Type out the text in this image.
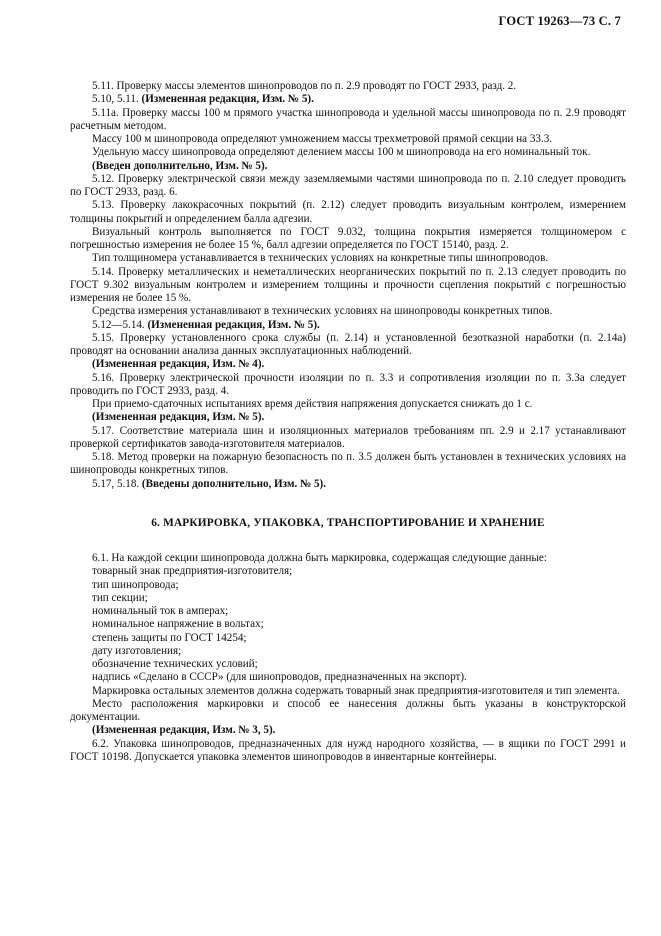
ГОСТ 19263—73 С. 7

5.11. Проверку массы элементов шинопроводов по п. 2.9 проводят по ГОСТ 2933, разд. 2.

5.10, 5.11. (Измененная редакция, Изм. № 5).

5.11а. Проверку массы 100 м прямого участка шинопровода и удельной массы шинопровода по п. 2.9 проводят расчетным методом.

Массу 100 м шинопровода определяют умножением массы трехметровой прямой секции на 33.3.

Удельную массу шинопровода определяют делением массы 100 м шинопровода на его номинальный ток.

(Введен дополнительно, Изм. № 5).

5.12. Проверку электрической связи между заземляемыми частями шинопровода по п. 2.10 следует проводить по ГОСТ 2933, разд. 6.

5.13. Проверку лакокрасочных покрытий (п. 2.12) следует проводить визуальным контролем, измерением толщины покрытий и определением балла адгезии.

Визуальный контроль выполняется по ГОСТ 9.032, толщина покрытия измеряется толщиномером с погрешностью измерения не более 15 %, балл адгезии определяется по ГОСТ 15140, разд. 2.

Тип толщиномера устанавливается в технических условиях на конкретные типы шинопроводов.

5.14. Проверку металлических и неметаллических неорганических покрытий по п. 2.13 следует проводить по ГОСТ 9.302 визуальным контролем и измерением толщины и прочности сцепления покрытий с погрешностью измерения не более 15 %.

Средства измерения устанавливают в технических условиях на шинопроводы конкретных типов.

5.12—5.14. (Измененная редакция, Изм. № 5).

5.15. Проверку установленного срока службы (п. 2.14) и установленной безотказной наработки (п. 2.14а) проводят на основании анализа данных эксплуатационных наблюдений.

(Измененная редакция, Изм. № 4).

5.16. Проверку электрической прочности изоляции по п. 3.3 и сопротивления изоляции по п. 3.3а следует проводить по ГОСТ 2933, разд. 4.

При приемо-сдаточных испытаниях время действия напряжения допускается снижать до 1 с.

(Измененная редакция, Изм. № 5).

5.17. Соответствие материала шин и изоляционных материалов требованиям пп. 2.9 и 2.17 устанавливают проверкой сертификатов завода-изготовителя материалов.

5.18. Метод проверки на пожарную безопасность по п. 3.5 должен быть установлен в технических условиях на шинопроводы конкретных типов.

5.17, 5.18. (Введены дополнительно, Изм. № 5).

6. МАРКИРОВКА, УПАКОВКА, ТРАНСПОРТИРОВАНИЕ И ХРАНЕНИЕ

6.1. На каждой секции шинопровода должна быть маркировка, содержащая следующие данные:

товарный знак предприятия-изготовителя;

тип шинопровода;

тип секции;

номинальный ток в амперах;

номинальное напряжение в вольтах;

степень защиты по ГОСТ 14254;

дату изготовления;

обозначение технических условий;

надпись «Сделано в СССР» (для шинопроводов, предназначенных на экспорт).

Маркировка остальных элементов должна содержать товарный знак предприятия-изготовителя и тип элемента.

Место расположения маркировки и способ ее нанесения должны быть указаны в конструкторской документации.

(Измененная редакция, Изм. № 3, 5).

6.2. Упаковка шинопроводов, предназначенных для нужд народного хозяйства, — в ящики по ГОСТ 2991 и ГОСТ 10198. Допускается упаковка элементов шинопроводов в инвентарные контейнеры.
